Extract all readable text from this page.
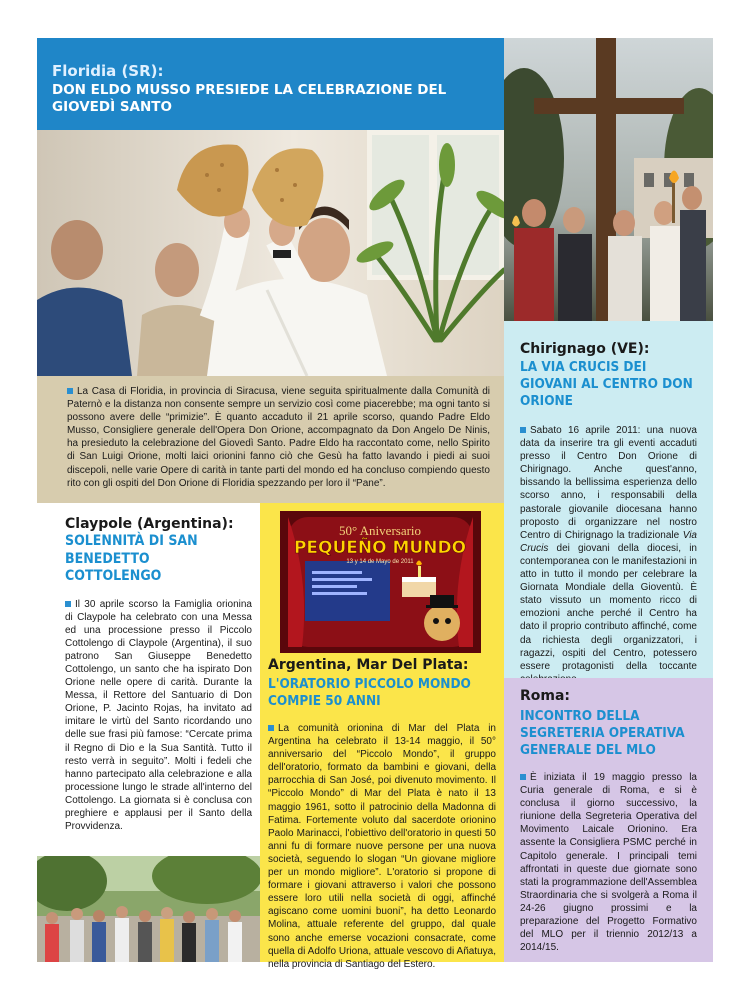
Floridia (SR):
DON ELDO MUSSO PRESIEDE LA CELEBRAZIONE DEL GIOVEDÌ SANTO

La Casa di Floridia, in provincia di Siracusa, viene seguita spiritualmente dalla Comunità di Paternò e la distanza non consente sempre un servizio così come piacerebbe; ma ogni tanto si possono avere delle “primizie”. È quanto accaduto il 21 aprile scorso, quando Padre Eldo Musso, Consigliere generale dell'Opera Don Orione, accompagnato da Don Angelo De Ninis, ha presieduto la celebrazione del Giovedì Santo. Padre Eldo ha raccontato come, nello Spirito di San Luigi Orione, molti laici orionini fanno ciò che Gesù ha fatto lavando i piedi ai suoi discepoli, nelle varie Opere di carità in tante parti del mondo ed ha concluso compiendo questo rito con gli ospiti del Don Orione di Floridia spezzando per loro il “Pane”.

Chirignago (VE):

LA VIA CRUCIS DEI GIOVANI AL CENTRO DON ORIONE

Sabato 16 aprile 2011: una nuova data da inserire tra gli eventi accaduti presso il Centro Don Orione di Chirignago. Anche quest'anno, bissando la bellissima esperienza dello scorso anno, i responsabili della pastorale giovanile diocesana hanno proposto di organizzare nel nostro Centro di Chirignago la tradizionale Via Crucis dei giovani della diocesi, in contemporanea con le manifestazioni in atto in tutto il mondo per celebrare la Giornata Mondiale della Gioventù. È stato vissuto un momento ricco di emozioni anche perché il Centro ha dato il proprio contributo affinché, come da richiesta degli organizzatori, i ragazzi, ospiti del Centro, potessero essere protagonisti della toccante

Roma:

INCONTRO DELLA SEGRETERIA OPERATIVA GENERALE DEL MLO

È iniziata il 19 maggio presso la Curia generale di Roma, e si è conclusa il giorno successivo, la riunione della Segreteria Operativa del Movimento Laicale Orionino. Era assente la Consigliera PSMC perché in Capitolo generale. I principali temi affrontati in queste due giornate sono stati la programmazione dell'Assemblea Straordinaria che si svolgerà a Roma il 24-26 giugno prossimi e la preparazione del Progetto Formativo del MLO per il triennio 2012/13 a 2014/15.

Claypole (Argentina):

SOLENNITÀ DI SAN BENEDETTO COTTOLENGO

Il 30 aprile scorso la Famiglia orionina di Claypole ha celebrato con una Messa ed una processione presso il Piccolo Cottolengo di Claypole (Argentina), il suo patrono San Giuseppe Benedetto Cottolengo, un santo che ha ispirato Don Orione nelle opere di carità. Durante la Messa, il Rettore del Santuario di Don Orione, P. Jacinto Rojas, ha invitato ad imitare le virtù del Santo ricordando uno delle sue frasi più famose: “Cercate prima il Regno di Dio e la Sua Santità. Tutto il resto verrà in seguito”. Molti i fedeli che hanno partecipato alla celebrazione e alla processione lungo le strade all'interno del Cottolengo. La giornata si è conclusa con preghiere e applausi per il Santo della Provvidenza.

50° Aniversario
PEQUEÑO MUNDO
13 y 14 de Mayo de 2011

Argentina, Mar Del Plata:

L'ORATORIO PICCOLO MONDO COMPIE 50 ANNI

La comunità orionina di Mar del Plata in Argentina ha celebrato il 13-14 maggio, il 50° anniversario del “Piccolo Mondo”, il gruppo dell'oratorio, formato da bambini e giovani, della parrocchia di San José, poi divenuto movimento. Il “Piccolo Mondo” di Mar del Plata è nato il 13 maggio 1961, sotto il patrocinio della Madonna di Fatima. Fortemente voluto dal sacerdote orionino Paolo Marinacci, l'obiettivo dell'oratorio in questi 50 anni fu di formare nuove persone per una nuova società, seguendo lo slogan “Un giovane migliore per un mondo migliore”. L'oratorio si propone di formare i giovani attraverso i valori che possono essere loro utili nella società di oggi, affinché agiscano come uomini buoni”, ha detto Leonardo Molina, attuale referente del gruppo, dal quale sono anche emerse vocazioni consacrate, come quella di Adolfo Uriona, attuale vescovo di Añatuya, nella provincia di Santiago del Estero.
